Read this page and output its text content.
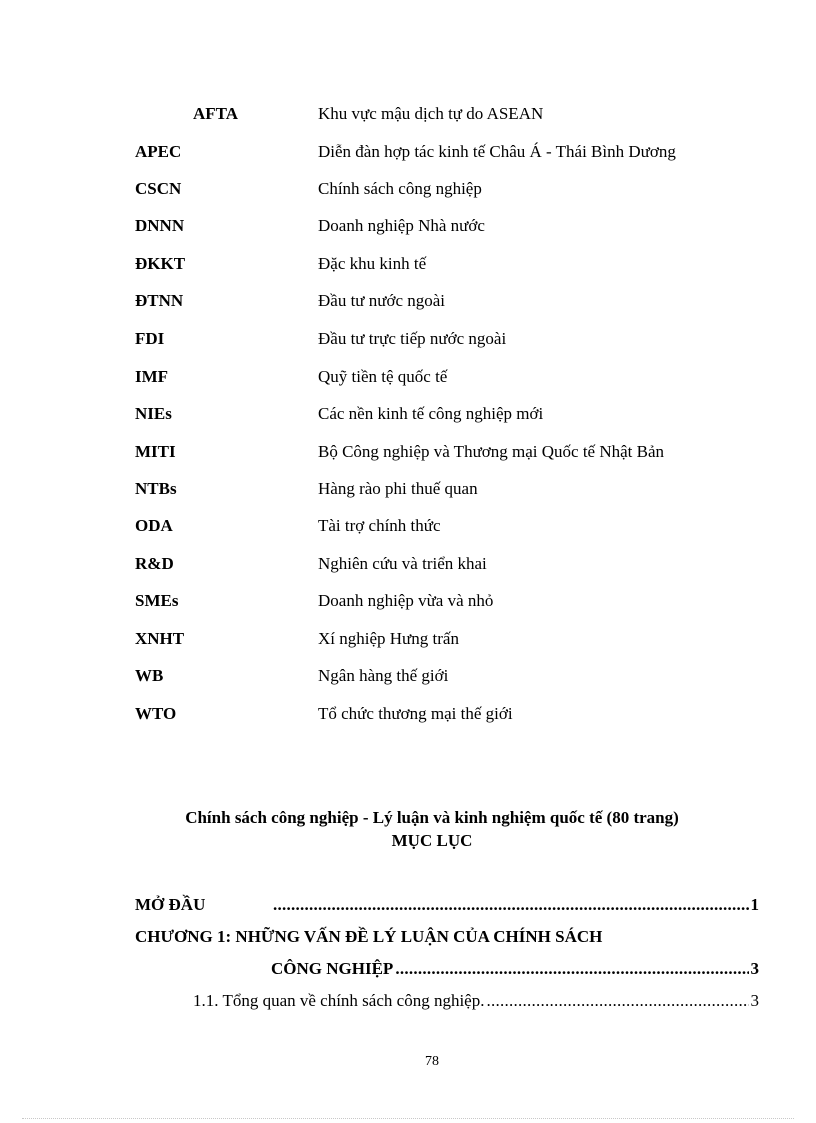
AFTA	Khu vực mậu dịch tự do ASEAN
APEC	Diễn đàn hợp tác kinh tế Châu Á - Thái Bình Dương
CSCN	Chính sách công nghiệp
DNNN	Doanh nghiệp Nhà nước
ĐKKT	Đặc khu kinh tế
ĐTNN	Đầu tư nước ngoài
FDI	Đầu tư trực tiếp nước ngoài
IMF	Quỹ tiền tệ quốc tế
NIEs	Các nền kinh tế công nghiệp mới
MITI	Bộ Công nghiệp và Thương mại Quốc tế Nhật Bản
NTBs	Hàng rào phi thuế quan
ODA	Tài trợ chính thức
R&D	Nghiên cứu và triển khai
SMEs	Doanh nghiệp vừa và nhỏ
XNHT	Xí nghiệp Hưng trấn
WB	Ngân hàng thế giới
WTO	Tổ chức thương mại thế giới
Chính sách công nghiệp - Lý luận và kinh nghiệm quốc tế (80 trang)
MỤC LỤC
MỞ ĐẦU . . .	1
CHƯƠNG 1: NHỮNG VẤN ĐỀ LÝ LUẬN CỦA CHÍNH SÁCH
CÔNG NGHIỆP . . .	3
1.1. Tổng quan về chính sách công nghiệp. . . .	3
78
